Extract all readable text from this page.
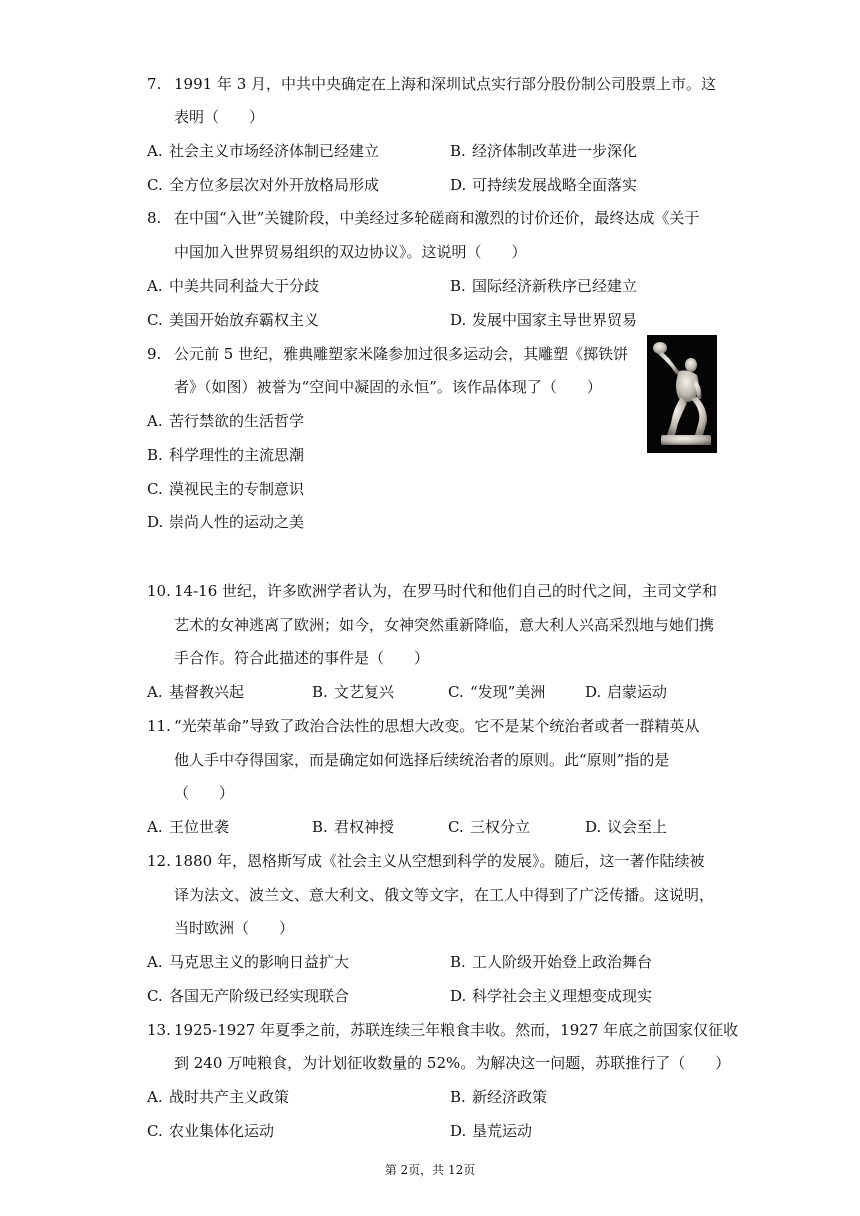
7. 1991 年 3 月，中共中央确定在上海和深圳试点实行部分股份制公司股票上市。这
表明（　　）
A. 社会主义市场经济体制已经建立	B. 经济体制改革进一步深化
C. 全方位多层次对外开放格局形成	D. 可持续发展战略全面落实
8. 在中国“入世”关键阶段，中美经过多轮磋商和激烈的讨价还价，最终达成《关于
中国加入世界贸易组织的双边协议》。这说明（　　）
A. 中美共同利益大于分歧	B. 国际经济新秩序已经建立
C. 美国开始放弃霸权主义	D. 发展中国家主导世界贸易
9. 公元前 5 世纪，雅典雕塑家米隆参加过很多运动会，其雕塑《掷铁饼
者》（如图）被誉为“空间中凝固的永恒”。该作品体现了（　　）
A. 苦行禁欲的生活哲学
B. 科学理性的主流思潮
C. 漠视民主的专制意识
D. 崇尚人性的运动之美
10. 14-16 世纪，许多欧洲学者认为，在罗马时代和他们自己的时代之间，主司文学和
艺术的女神逃离了欧洲；如今，女神突然重新降临，意大利人兴高采烈地与她们携
手合作。符合此描述的事件是（　　）
A. 基督教兴起	B. 文艺复兴	C. “发现”美洲	D. 启蒙运动
11. “光荣革命”导致了政治合法性的思想大改变。它不是某个统治者或者一群精英从
他人手中夺得国家，而是确定如何选择后续统治者的原则。此“原则”指的是
（　　）
A. 王位世袭	B. 君权神授	C. 三权分立	D. 议会至上
12. 1880 年，恩格斯写成《社会主义从空想到科学的发展》。随后，这一著作陆续被
译为法文、波兰文、意大利文、俄文等文字，在工人中得到了广泛传播。这说明，
当时欧洲（　　）
A. 马克思主义的影响日益扩大	B. 工人阶级开始登上政治舞台
C. 各国无产阶级已经实现联合	D. 科学社会主义理想变成现实
13. 1925-1927 年夏季之前，苏联连续三年粮食丰收。然而，1927 年底之前国家仅征收
到 240 万吨粮食，为计划征收数量的 52%。为解决这一问题，苏联推行了（　　）
A. 战时共产主义政策	B. 新经济政策
C. 农业集体化运动	D. 垦荒运动
第 2页，共 12页
